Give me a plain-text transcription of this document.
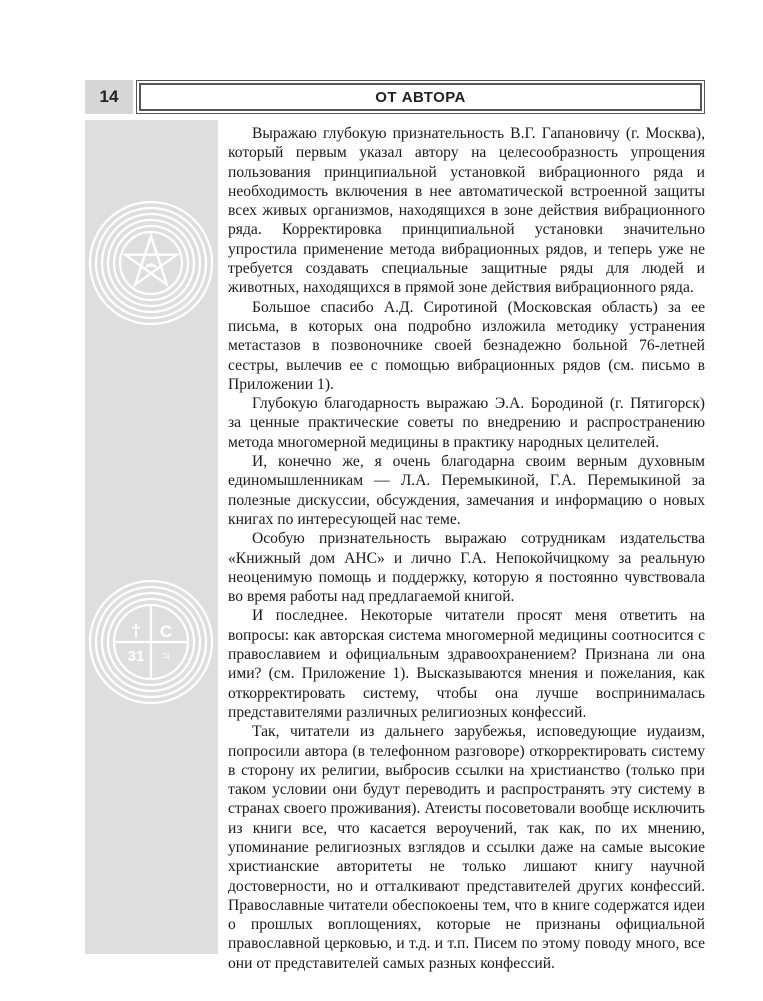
14	ОТ АВТОРА
† C
31 ♃

Выражаю глубокую признательность В.Г. Гапановичу (г. Москва), который первым указал автору на целесообразность упрощения пользования принципиальной установкой вибрационного ряда и необходимость включения в нее автоматической встроенной защиты всех живых организмов, находящихся в зоне действия вибрационного ряда. Корректировка принципиальной установки значительно упростила применение метода вибрационных рядов, и теперь уже не требуется создавать специальные защитные ряды для людей и животных, находящихся в прямой зоне действия вибрационного ряда.

Большое спасибо А.Д. Сиротиной (Московская область) за ее письма, в которых она подробно изложила методику устранения метастазов в позвоночнике своей безнадежно больной 76-летней сестры, вылечив ее с помощью вибрационных рядов (см. письмо в Приложении 1).

Глубокую благодарность выражаю Э.А. Бородиной (г. Пятигорск) за ценные практические советы по внедрению и распространению метода многомерной медицины в практику народных целителей.

И, конечно же, я очень благодарна своим верным духовным единомышленникам — Л.А. Перемыкиной, Г.А. Перемыкиной за полезные дискуссии, обсуждения, замечания и информацию о новых книгах по интересующей нас теме.

Особую признательность выражаю сотрудникам издательства «Книжный дом АНС» и лично Г.А. Непокойчицкому за реальную неоценимую помощь и поддержку, которую я постоянно чувствовала во время работы над предлагаемой книгой.

И последнее. Некоторые читатели просят меня ответить на вопросы: как авторская система многомерной медицины соотносится с православием и официальным здравоохранением? Признана ли она ими? (см. Приложение 1). Высказываются мнения и пожелания, как откорректировать систему, чтобы она лучше воспринималась представителями различных религиозных конфессий.

Так, читатели из дальнего зарубежья, исповедующие иудаизм, попросили автора (в телефонном разговоре) откорректировать систему в сторону их религии, выбросив ссылки на христианство (только при таком условии они будут переводить и распространять эту систему в странах своего проживания). Атеисты посоветовали вообще исключить из книги все, что касается вероучений, так как, по их мнению, упоминание религиозных взглядов и ссылки даже на самые высокие христианские авторитеты не только лишают книгу научной достоверности, но и отталкивают представителей других конфессий. Православные читатели обеспокоены тем, что в книге содержатся идеи о прошлых воплощениях, которые не признаны официальной православной церковью, и т.д. и т.п. Писем по этому поводу много, все они от представителей самых разных конфессий.
